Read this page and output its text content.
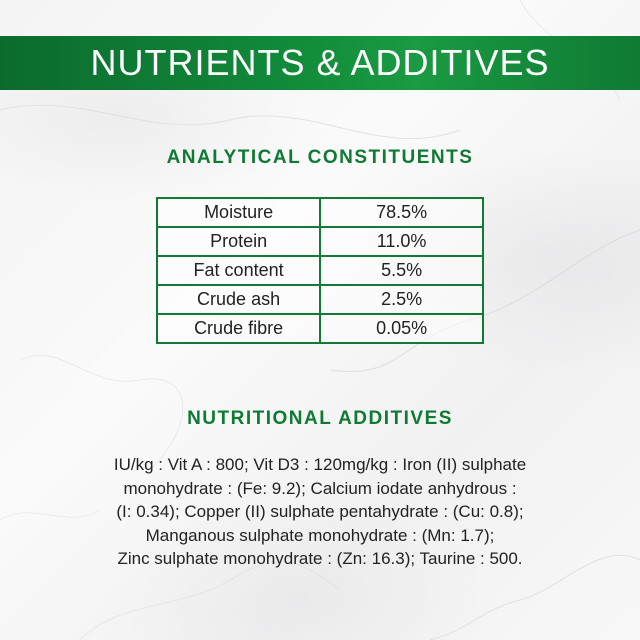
NUTRIENTS & ADDITIVES
ANALYTICAL CONSTITUENTS
Moisture	78.5%
Protein	11.0%
Fat content	5.5%
Crude ash	2.5%
Crude fibre	0.05%
NUTRITIONAL ADDITIVES
IU/kg : Vit A : 800; Vit D3 : 120mg/kg : Iron (II) sulphate
monohydrate : (Fe: 9.2); Calcium iodate anhydrous :
(I: 0.34); Copper (II) sulphate pentahydrate : (Cu: 0.8);
Manganous sulphate monohydrate : (Mn: 1.7);
Zinc sulphate monohydrate : (Zn: 16.3); Taurine : 500.
